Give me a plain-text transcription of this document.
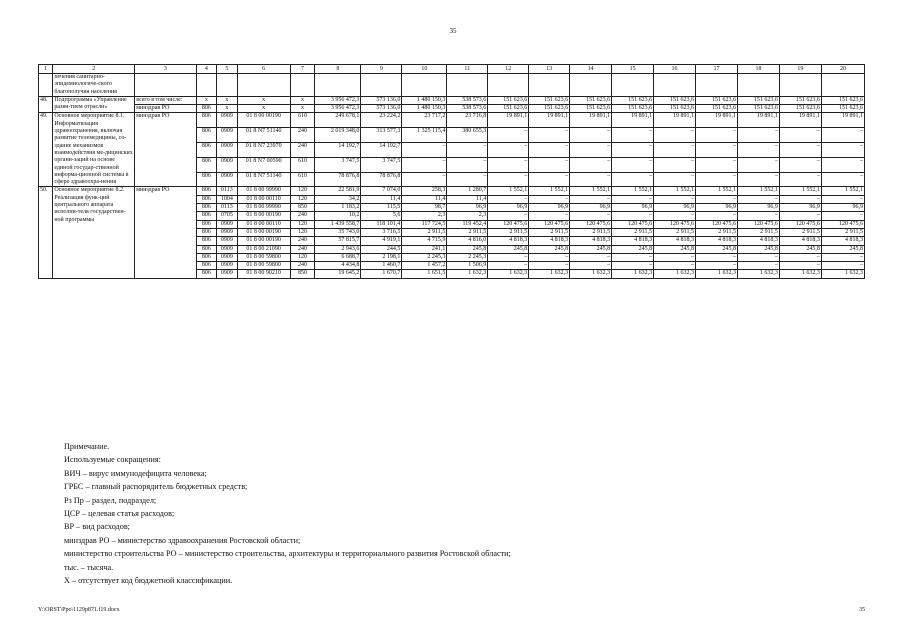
35
1	2	3	4	5	6	7	8	9	10	11	12	13	14	15	16	17	18	19	20
	печения санитарно-эпидемиологиче-ского благополучия населения																		
48.	Подпрограмма «Управление разви-тием отрасли»	всего в том числе:	х	х	х	х	3 956 472,3	573 136,0	1 480 150,3	538 573,6	151 623,6	151 623,6	151 623,6	151 623,6	151 623,6	151 623,6	151 623,6	151 623,6	151 623,6
		минздрав РО	806	х	х	х	3 956 472,3	573 136,0	1 480 150,3	538 573,6	151 623,6	151 623,6	151 623,6	151 623,6	151 623,6	151 623,6	151 623,6	151 623,6	151 623,6
49.	Основное мероприятие 8.1. Информатизация здравоохранения, включая развитие телемедицины, со-здание механизмов взаимодействия ме-дицинских органи-заций на основе единой государ-ственной информа-ционной системы в сфере здравоохра-нения	минздрав РО	806	0909	01 8 00 00190	610	249 678,1	23 224,2	23 717,2	23 716,8	19 891,1	19 891,1	19 891,1	19 891,1	19 891,1	19 891,1	19 891,1	19 891,1	19 891,1
			806	0909	01 8 N7 51140	240	2 019 348,0	313 577,3	1 325 115,4	380 655,3	–	–	–	–	–	–	–	–	–
			806	0909	01 8 N7 23970	240	14 192,7	14 192,7	–	–	–	–	–	–	–	–	–	–	–
			806	0909	01 8 N7 00590	610	3 747,5	3 747,5	–	–	–	–	–	–	–	–	–	–	–
			806	0909	01 8 N7 51140	610	78 876,8	78 876,8	–	–	–	–	–	–	–	–	–	–	–
50.	Основное мероприятие 8.2. Реализация функ-ций центрального аппарата исполни-теля государствен-ной программы	минздрав РО	806	0113	01 8 00 99990	120	22 581,9	7 074,0	258,3	1 280,7	1 552,1	1 552,1	1 552,1	1 552,1	1 552,1	1 552,1	1 552,1	1 552,1	1 552,1
			806	1004	01 8 00 00110	120	34,2	11,4	11,4	11,4	–	–	–	–	–	–	–	–	–
			806	0113	01 8 00 99990	850	1 183,2	115,5	98,7	96,9	96,9	96,9	96,9	96,9	96,9	96,9	96,9	96,9	96,9
			806	0705	01 8 00 00190	240	10,2	5,6	2,3	2,3	–	–	–	–	–	–	–	–	–
			806	0909	01 8 00 00110	120	1 439 558,7	118 101,4	117 724,5	119 452,4	120 475,6	120 475,6	120 475,6	120 475,6	120 475,6	120 475,6	120 475,6	120 475,6	120 475,6
			806	0909	01 8 00 00190	120	35 743,0	3 716,5	2 911,5	2 911,5	2 911,5	2 911,5	2 911,5	2 911,5	2 911,5	2 911,5	2 911,5	2 911,5	2 911,5
			806	0909	01 8 00 00190	240	57 815,7	4 919,1	4 715,9	4 816,0	4 818,3	4 818,3	4 818,3	4 818,3	4 818,3	4 818,3	4 818,3	4 818,3	4 818,3
			806	0909	01 8 00 21090	240	2 943,6	244,5	241,1	245,8	245,8	245,8	245,8	245,8	245,8	245,8	245,8	245,8	245,8
			806	0909	01 8 00 59800	120	6 688,7	2 198,1	2 245,3	2 245,3	–	–	–	–	–	–	–	–	–
			806	0909	01 8 00 59800	240	4 434,8	1 460,7	1 457,2	1 506,9	–	–	–	–	–	–	–	–	–
			806	0909	01 8 00 90210	850	19 645,2	1 670,7	1 651,5	1 632,3	1 632,3	1 632,3	1 632,3	1 632,3	1 632,3	1 632,3	1 632,3	1 632,3	1 632,3
Примечание.
Используемые сокращения:
ВИЧ – вирус иммунодефицита человека;
ГРБС – главный распорядитель бюджетных средств;
Рз Пр – раздел, подраздел;
ЦСР – целевая статья расходов;
ВР – вид расходов;
минздрав РО – министерство здравоохранения Ростовской области;
министерство строительства РО – министерство строительства, архитектуры и территориального развития Ростовской области;
тыс. – тысяча.
Х – отсутствует код бюджетной классификации.
Y:\ORST\Ppo\1129p871.f19.docx	35
